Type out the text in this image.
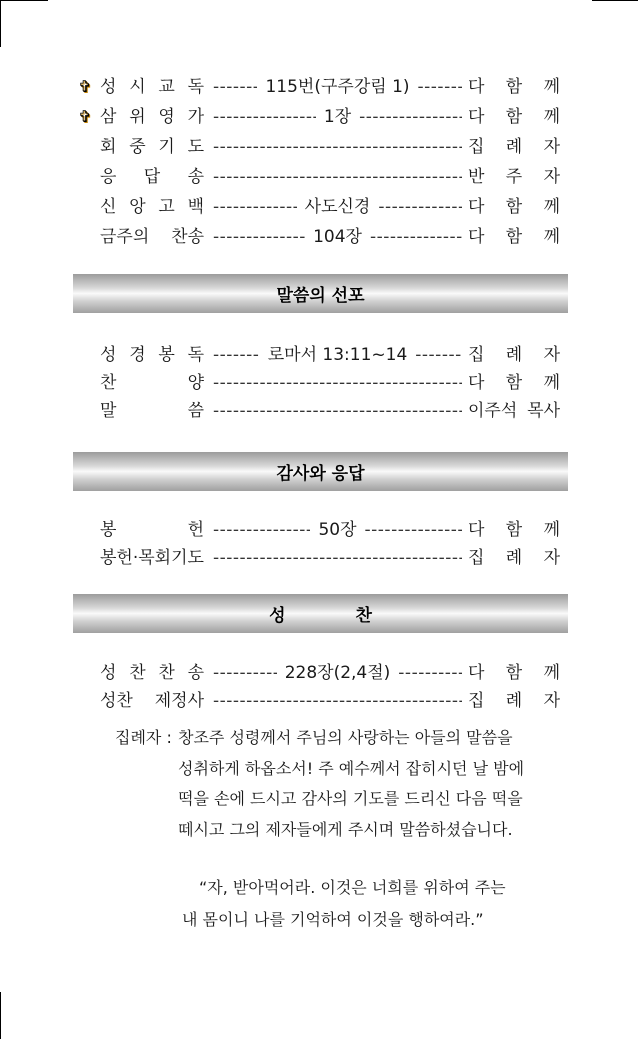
✞ 성 시 교 독 -----	115번(구주강림 1) -----	다 함 께
✞ 삼 위 영 가 -----	1장 -----	다 함 께
회 중 기 도 -----	집 례 자
응 답 송 -----	반 주 자
신 앙 고 백 -----	사도신경 -----	다 함 께
금주의 찬송 -----	104장 -----	다 함 께
말씀의 선포
성 경 봉 독 -----	로마서 13:11~14 -----	집 례 자
찬	양 -----	다 함 께
말	씀 -----	이주석 목사
감사와 응답
봉	헌 -----	50장 -----	다 함 께
봉헌·목회기도 -----	집 례 자
성	찬
성 찬 찬 송 -----	228장(2,4절) -----	다 함 께
성찬 제정사 -----	집 례 자
집례자 : 창조주 성령께서 주님의 사랑하는 아들의 말씀을
성취하게 하옵소서! 주 예수께서 잡히시던 날 밤에
떡을 손에 드시고 감사의 기도를 드리신 다음 떡을
떼시고 그의 제자들에게 주시며 말씀하셨습니다.
“자, 받아먹어라. 이것은 너희를 위하여 주는
내 몸이니 나를 기억하여 이것을 행하여라.”
